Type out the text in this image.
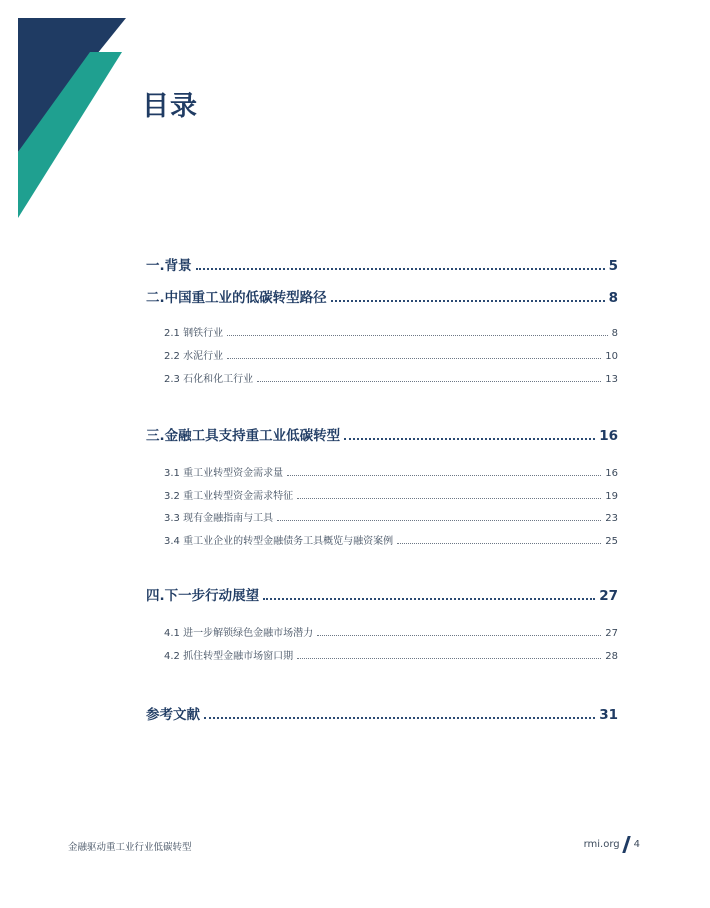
目录
一.背景	5
二.中国重工业的低碳转型路径	8
2.1 钢铁行业	8
2.2 水泥行业	10
2.3 石化和化工行业	13
三.金融工具支持重工业低碳转型	16
3.1 重工业转型资金需求量	16
3.2 重工业转型资金需求特征	19
3.3 现有金融指南与工具	23
3.4 重工业企业的转型金融债务工具概览与融资案例	25
四.下一步行动展望	27
4.1 进一步解锁绿色金融市场潜力	27
4.2 抓住转型金融市场窗口期	28
参考文献	31
金融驱动重工业行业低碳转型	rmi.org 4
